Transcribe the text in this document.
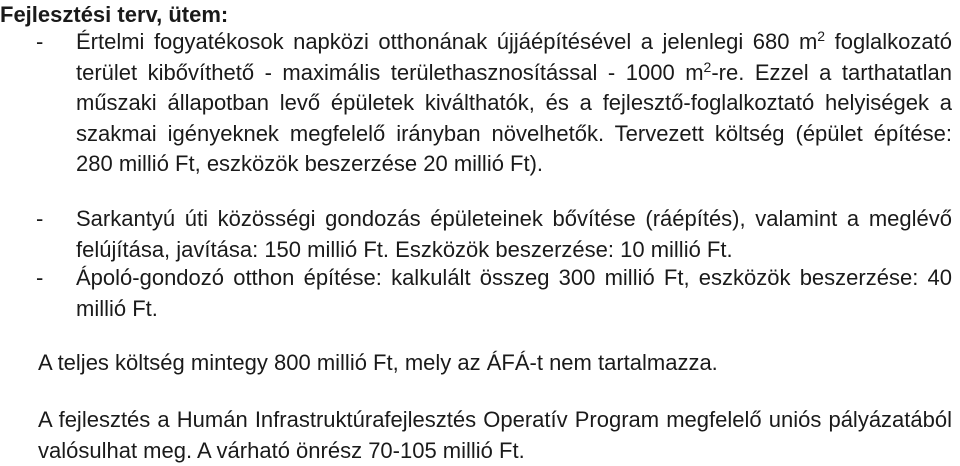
Fejlesztési terv, ütem:
- Értelmi fogyatékosok napközi otthonának újjáépítésével a jelenlegi 680 $m^2$ foglalkozató terület kibővíthető - maximális területhasznosítással - 1000 $m^2-re$. Ezzel a tarthatatlan műszaki állapotban levő épületek kiválthatók, és a fejlesztő-foglalkoztató helyiségek a szakmai igényeknek megfelelő irányban növelhetők. Tervezett költség (épület építése: 280 millió Ft, eszközök beszerzése 20 millió Ft).
- Sarkantyú úti közösségi gondozás épületeinek bővítése (ráépítés), valamint a meglévő felújítása, javítása: 150 millió Ft. Eszközök beszerzése: 10 millió Ft.
- Ápoló-gondozó otthon építése: kalkulált összeg 300 millió Ft, eszközök beszerzése: 40 millió Ft.
A teljes költség mintegy 800 millió Ft, mely az ÁFÁ-t nem tartalmazza.
A fejlesztés a Humán Infrastruktúrafejlesztés Operatív Program megfelelő uniós pályázatából valósulhat meg. A várható önrész 70-105 millió Ft.
